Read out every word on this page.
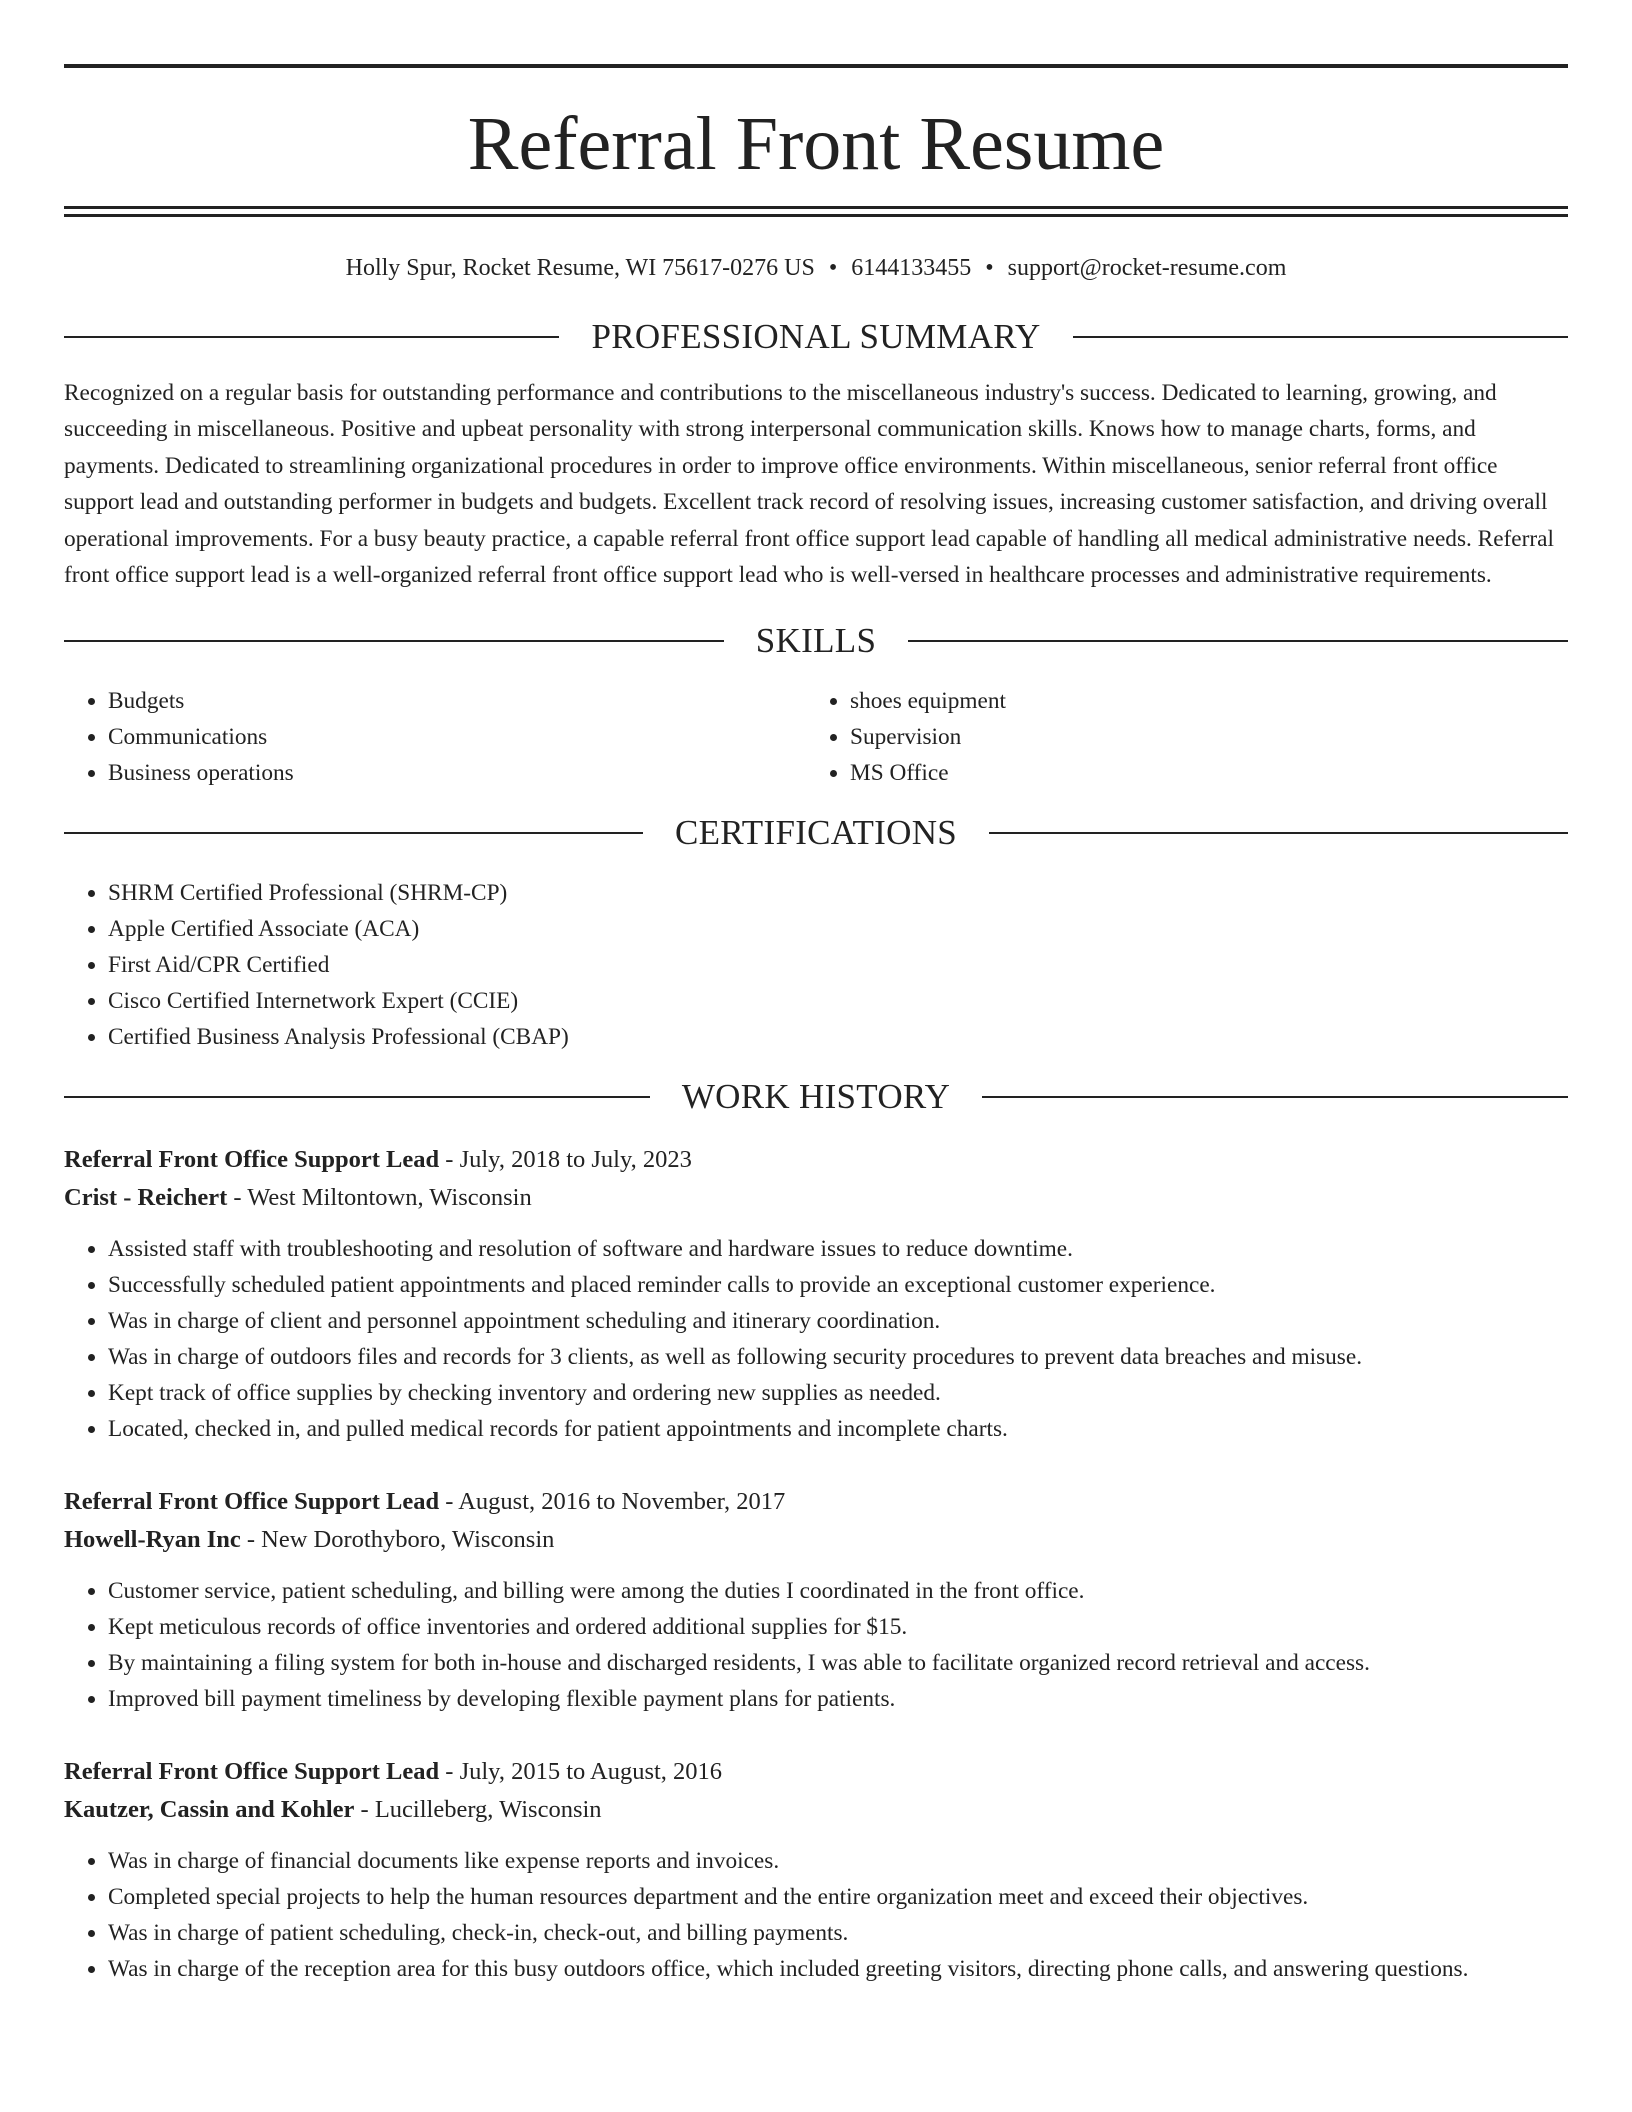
Referral Front Resume
Holly Spur, Rocket Resume, WI 75617-0276 US • 6144133455 • support@rocket-resume.com
PROFESSIONAL SUMMARY
Recognized on a regular basis for outstanding performance and contributions to the miscellaneous industry's success. Dedicated to learning, growing, and succeeding in miscellaneous. Positive and upbeat personality with strong interpersonal communication skills. Knows how to manage charts, forms, and payments. Dedicated to streamlining organizational procedures in order to improve office environments. Within miscellaneous, senior referral front office support lead and outstanding performer in budgets and budgets. Excellent track record of resolving issues, increasing customer satisfaction, and driving overall operational improvements. For a busy beauty practice, a capable referral front office support lead capable of handling all medical administrative needs. Referral front office support lead is a well-organized referral front office support lead who is well-versed in healthcare processes and administrative requirements.
SKILLS
• Budgets
• Communications
• Business operations
• shoes equipment
• Supervision
• MS Office
CERTIFICATIONS
• SHRM Certified Professional (SHRM-CP)
• Apple Certified Associate (ACA)
• First Aid/CPR Certified
• Cisco Certified Internetwork Expert (CCIE)
• Certified Business Analysis Professional (CBAP)
WORK HISTORY
Referral Front Office Support Lead - July, 2018 to July, 2023
Crist - Reichert - West Miltontown, Wisconsin
• Assisted staff with troubleshooting and resolution of software and hardware issues to reduce downtime.
• Successfully scheduled patient appointments and placed reminder calls to provide an exceptional customer experience.
• Was in charge of client and personnel appointment scheduling and itinerary coordination.
• Was in charge of outdoors files and records for 3 clients, as well as following security procedures to prevent data breaches and misuse.
• Kept track of office supplies by checking inventory and ordering new supplies as needed.
• Located, checked in, and pulled medical records for patient appointments and incomplete charts.
Referral Front Office Support Lead - August, 2016 to November, 2017
Howell-Ryan Inc - New Dorothyboro, Wisconsin
• Customer service, patient scheduling, and billing were among the duties I coordinated in the front office.
• Kept meticulous records of office inventories and ordered additional supplies for $15.
• By maintaining a filing system for both in-house and discharged residents, I was able to facilitate organized record retrieval and access.
• Improved bill payment timeliness by developing flexible payment plans for patients.
Referral Front Office Support Lead - July, 2015 to August, 2016
Kautzer, Cassin and Kohler - Lucilleberg, Wisconsin
• Was in charge of financial documents like expense reports and invoices.
• Completed special projects to help the human resources department and the entire organization meet and exceed their objectives.
• Was in charge of patient scheduling, check-in, check-out, and billing payments.
• Was in charge of the reception area for this busy outdoors office, which included greeting visitors, directing phone calls, and answering questions.
